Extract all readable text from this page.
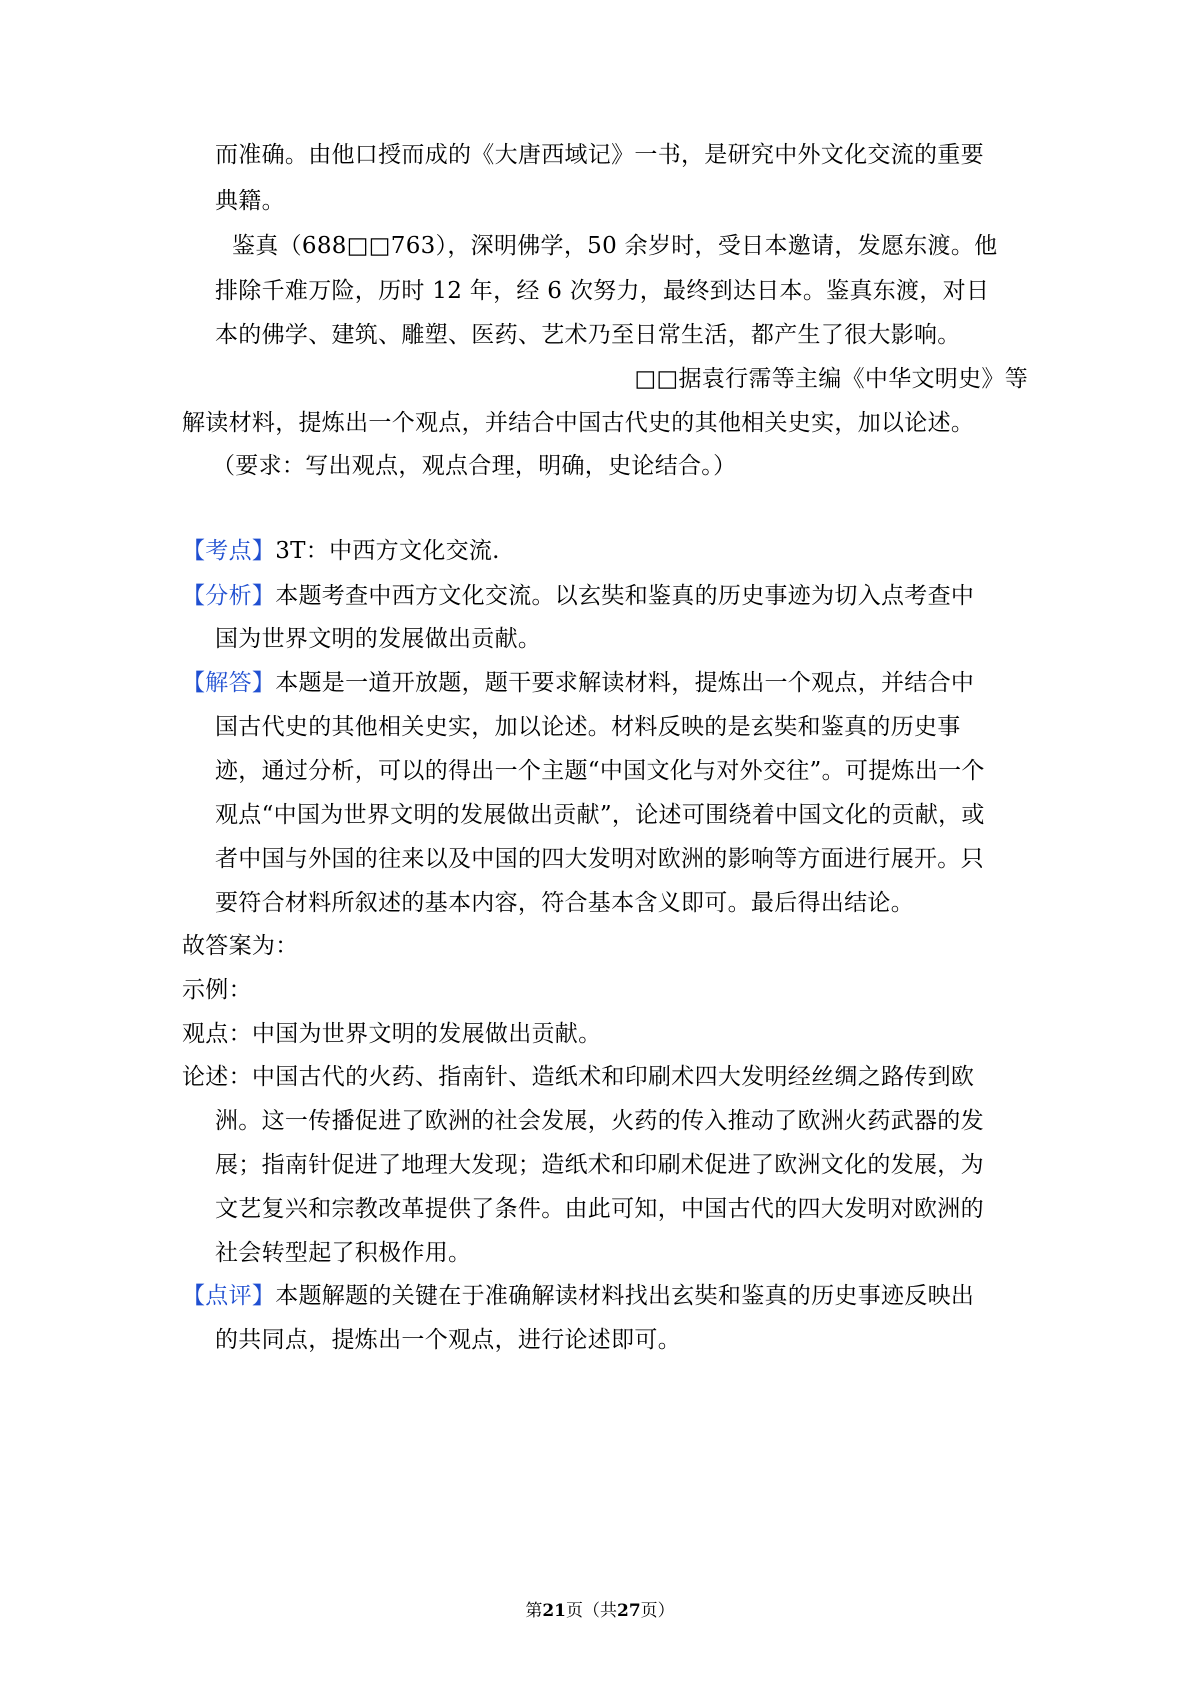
而准确。由他口授而成的《大唐西域记》一书，是研究中外文化交流的重要
典籍。
鉴真（688□□763），深明佛学，50 余岁时，受日本邀请，发愿东渡。他
排除千难万险，历时 12 年，经 6 次努力，最终到达日本。鉴真东渡，对日
本的佛学、建筑、雕塑、医药、艺术乃至日常生活，都产生了很大影响。
□□据袁行霈等主编《中华文明史》等
解读材料，提炼出一个观点，并结合中国古代史的其他相关史实，加以论述。
（要求：写出观点，观点合理，明确，史论结合。）
【考点】3T：中西方文化交流.
【分析】本题考查中西方文化交流。以玄奘和鉴真的历史事迹为切入点考查中
国为世界文明的发展做出贡献。
【解答】本题是一道开放题，题干要求解读材料，提炼出一个观点，并结合中
国古代史的其他相关史实，加以论述。材料反映的是玄奘和鉴真的历史事
迹，通过分析，可以的得出一个主题“中国文化与对外交往”。可提炼出一个
观点“中国为世界文明的发展做出贡献”，论述可围绕着中国文化的贡献，或
者中国与外国的往来以及中国的四大发明对欧洲的影响等方面进行展开。只
要符合材料所叙述的基本内容，符合基本含义即可。最后得出结论。
故答案为：
示例：
观点：中国为世界文明的发展做出贡献。
论述：中国古代的火药、指南针、造纸术和印刷术四大发明经丝绸之路传到欧
洲。这一传播促进了欧洲的社会发展，火药的传入推动了欧洲火药武器的发
展；指南针促进了地理大发现；造纸术和印刷术促进了欧洲文化的发展，为
文艺复兴和宗教改革提供了条件。由此可知，中国古代的四大发明对欧洲的
社会转型起了积极作用。
【点评】本题解题的关键在于准确解读材料找出玄奘和鉴真的历史事迹反映出
的共同点，提炼出一个观点，进行论述即可。
第21页（共27页）
